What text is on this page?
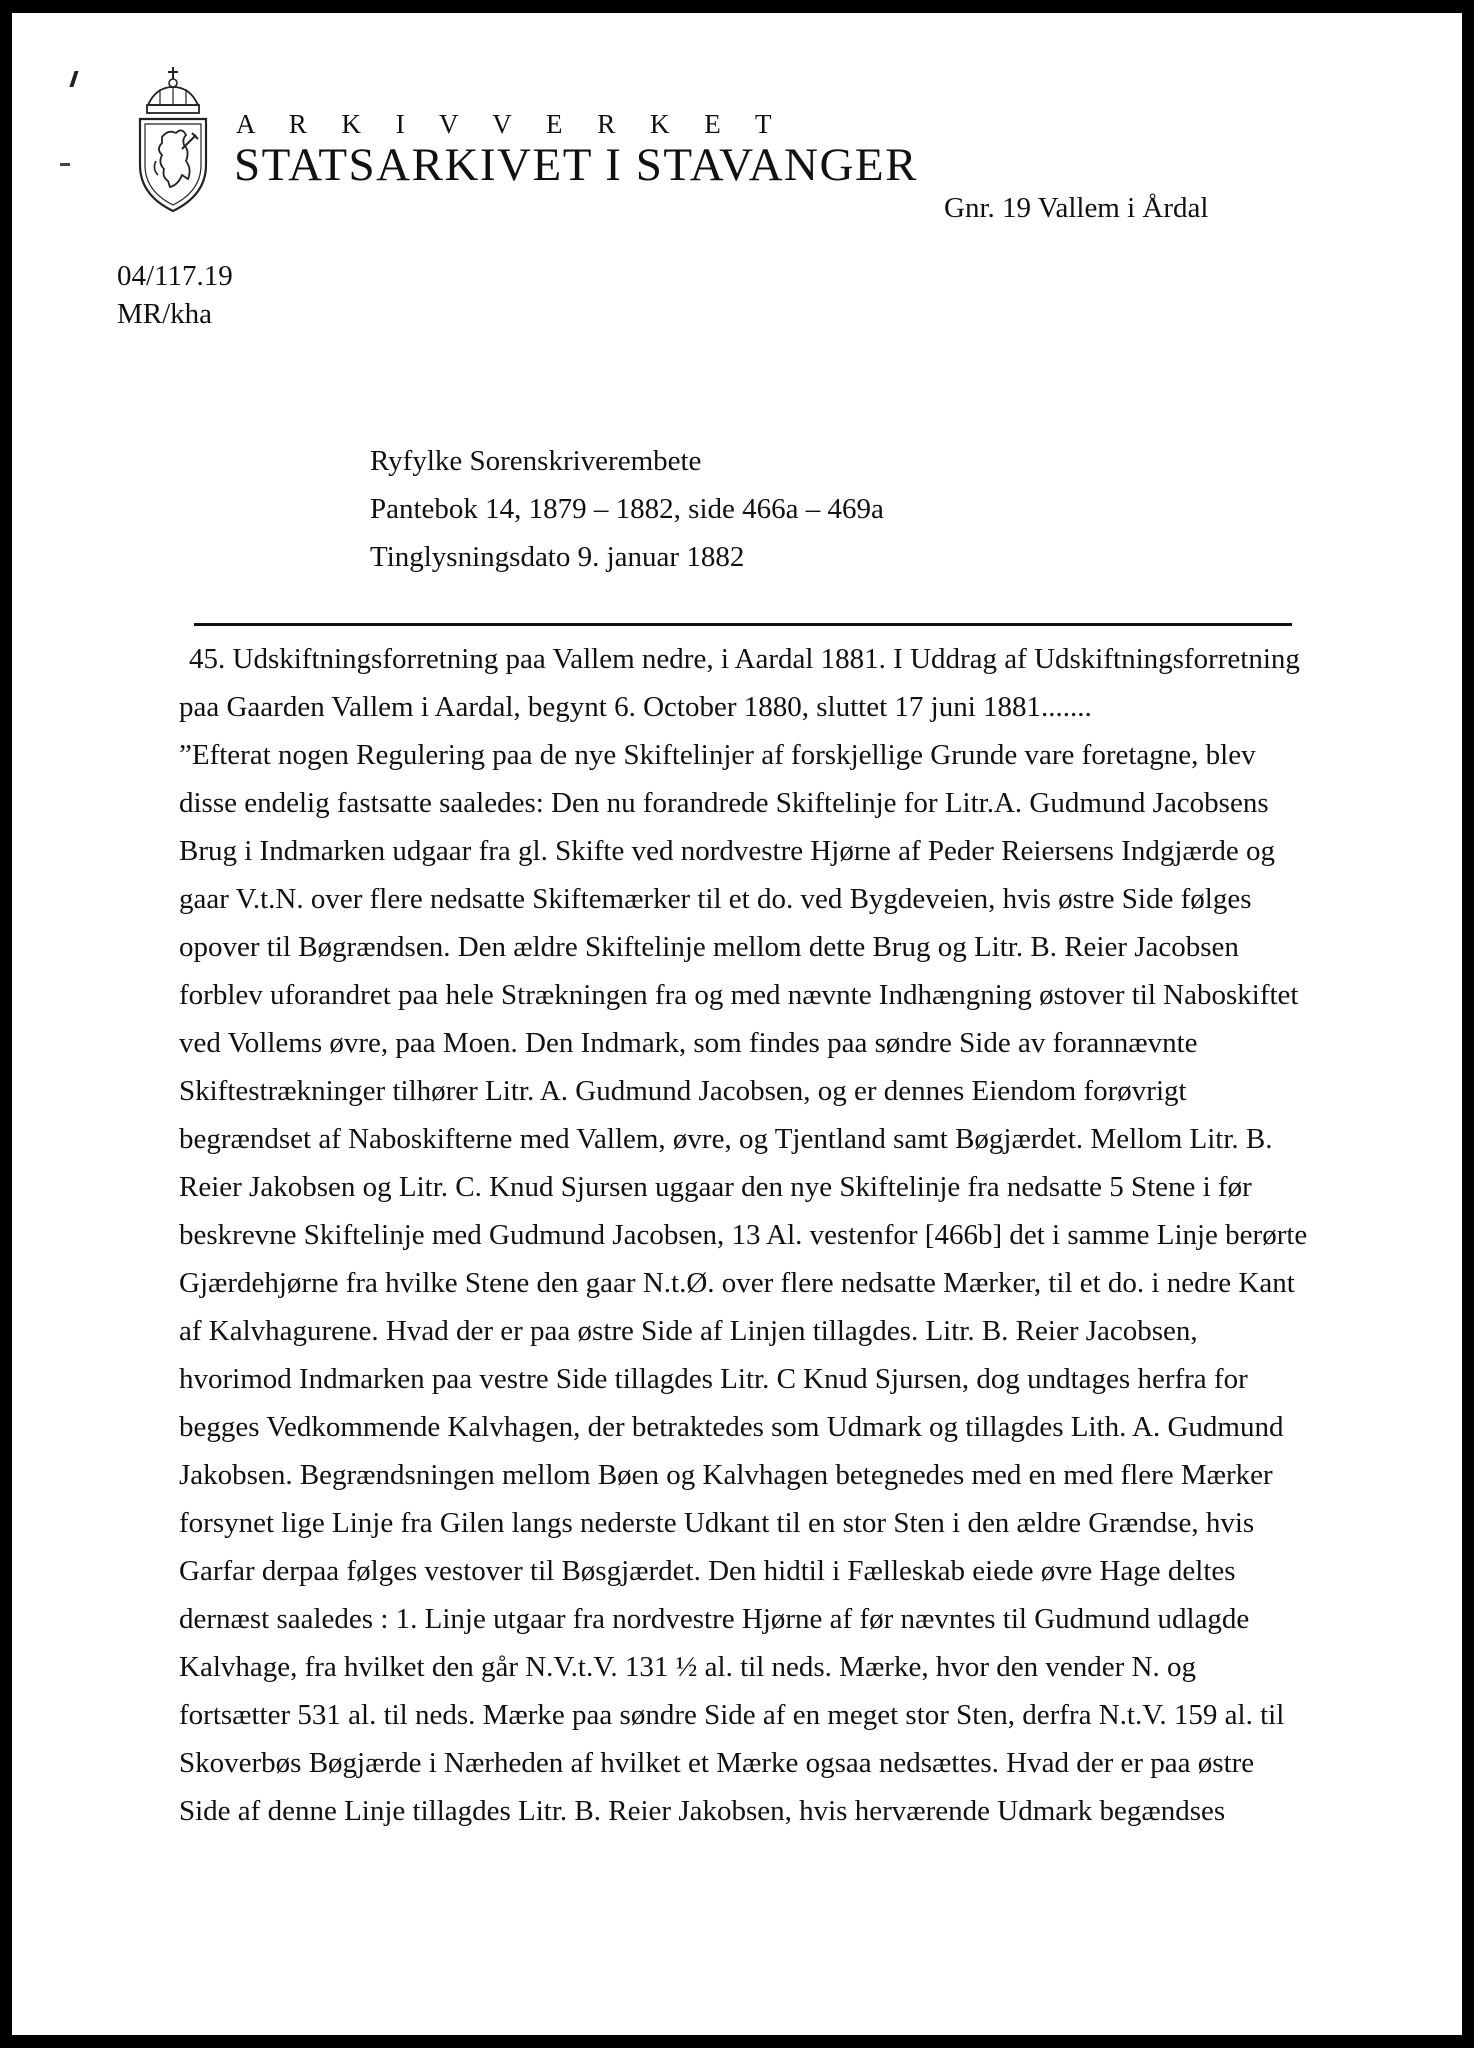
A R K I V V E R K E T
STATSARKIVET I STAVANGER
Gnr. 19 Vallem i Årdal
04/117.19
MR/kha
Ryfylke Sorenskriverembete
Pantebok 14, 1879 – 1882, side 466a – 469a
Tinglysningsdato 9. januar 1882
45. Udskiftningsforretning paa Vallem nedre, i Aardal 1881. I Uddrag af Udskiftningsforretning
paa Gaarden Vallem i Aardal, begynt 6. October 1880, sluttet 17 juni 1881.......
”Efterat nogen Regulering paa de nye Skiftelinjer af forskjellige Grunde vare foretagne, blev
disse endelig fastsatte saaledes: Den nu forandrede Skiftelinje for Litr.A. Gudmund Jacobsens
Brug i Indmarken udgaar fra gl. Skifte ved nordvestre Hjørne af Peder Reiersens Indgjærde og
gaar V.t.N. over flere nedsatte Skiftemærker til et do. ved Bygdeveien, hvis østre Side følges
opover til Bøgrændsen. Den ældre Skiftelinje mellom dette Brug og Litr. B. Reier Jacobsen
forblev uforandret paa hele Strækningen fra og med nævnte Indhængning østover til Naboskiftet
ved Vollems øvre, paa Moen. Den Indmark, som findes paa søndre Side av forannævnte
Skiftestrækninger tilhører Litr. A. Gudmund Jacobsen, og er dennes Eiendom forøvrigt
begrændset af Naboskifterne med Vallem, øvre, og Tjentland samt Bøgjærdet. Mellom Litr. B.
Reier Jakobsen og Litr. C. Knud Sjursen uggaar den nye Skiftelinje fra nedsatte 5 Stene i før
beskrevne Skiftelinje med Gudmund Jacobsen, 13 Al. vestenfor [466b] det i samme Linje berørte
Gjærdehjørne fra hvilke Stene den gaar N.t.Ø. over flere nedsatte Mærker, til et do. i nedre Kant
af Kalvhagurene. Hvad der er paa østre Side af Linjen tillagdes. Litr. B. Reier Jacobsen,
hvorimod Indmarken paa vestre Side tillagdes Litr. C Knud Sjursen, dog undtages herfra for
begges Vedkommende Kalvhagen, der betraktedes som Udmark og tillagdes Lith. A. Gudmund
Jakobsen. Begrændsningen mellom Bøen og Kalvhagen betegnedes med en med flere Mærker
forsynet lige Linje fra Gilen langs nederste Udkant til en stor Sten i den ældre Grændse, hvis
Garfar derpaa følges vestover til Bøsgjærdet. Den hidtil i Fælleskab eiede øvre Hage deltes
dernæst saaledes : 1. Linje utgaar fra nordvestre Hjørne af før nævntes til Gudmund udlagde
Kalvhage, fra hvilket den går N.V.t.V. 131 ½ al. til neds. Mærke, hvor den vender N. og
fortsætter 531 al. til neds. Mærke paa søndre Side af en meget stor Sten, derfra N.t.V. 159 al. til
Skoverbøs Bøgjærde i Nærheden af hvilket et Mærke ogsaa nedsættes. Hvad der er paa østre
Side af denne Linje tillagdes Litr. B. Reier Jakobsen, hvis herværende Udmark begændses
